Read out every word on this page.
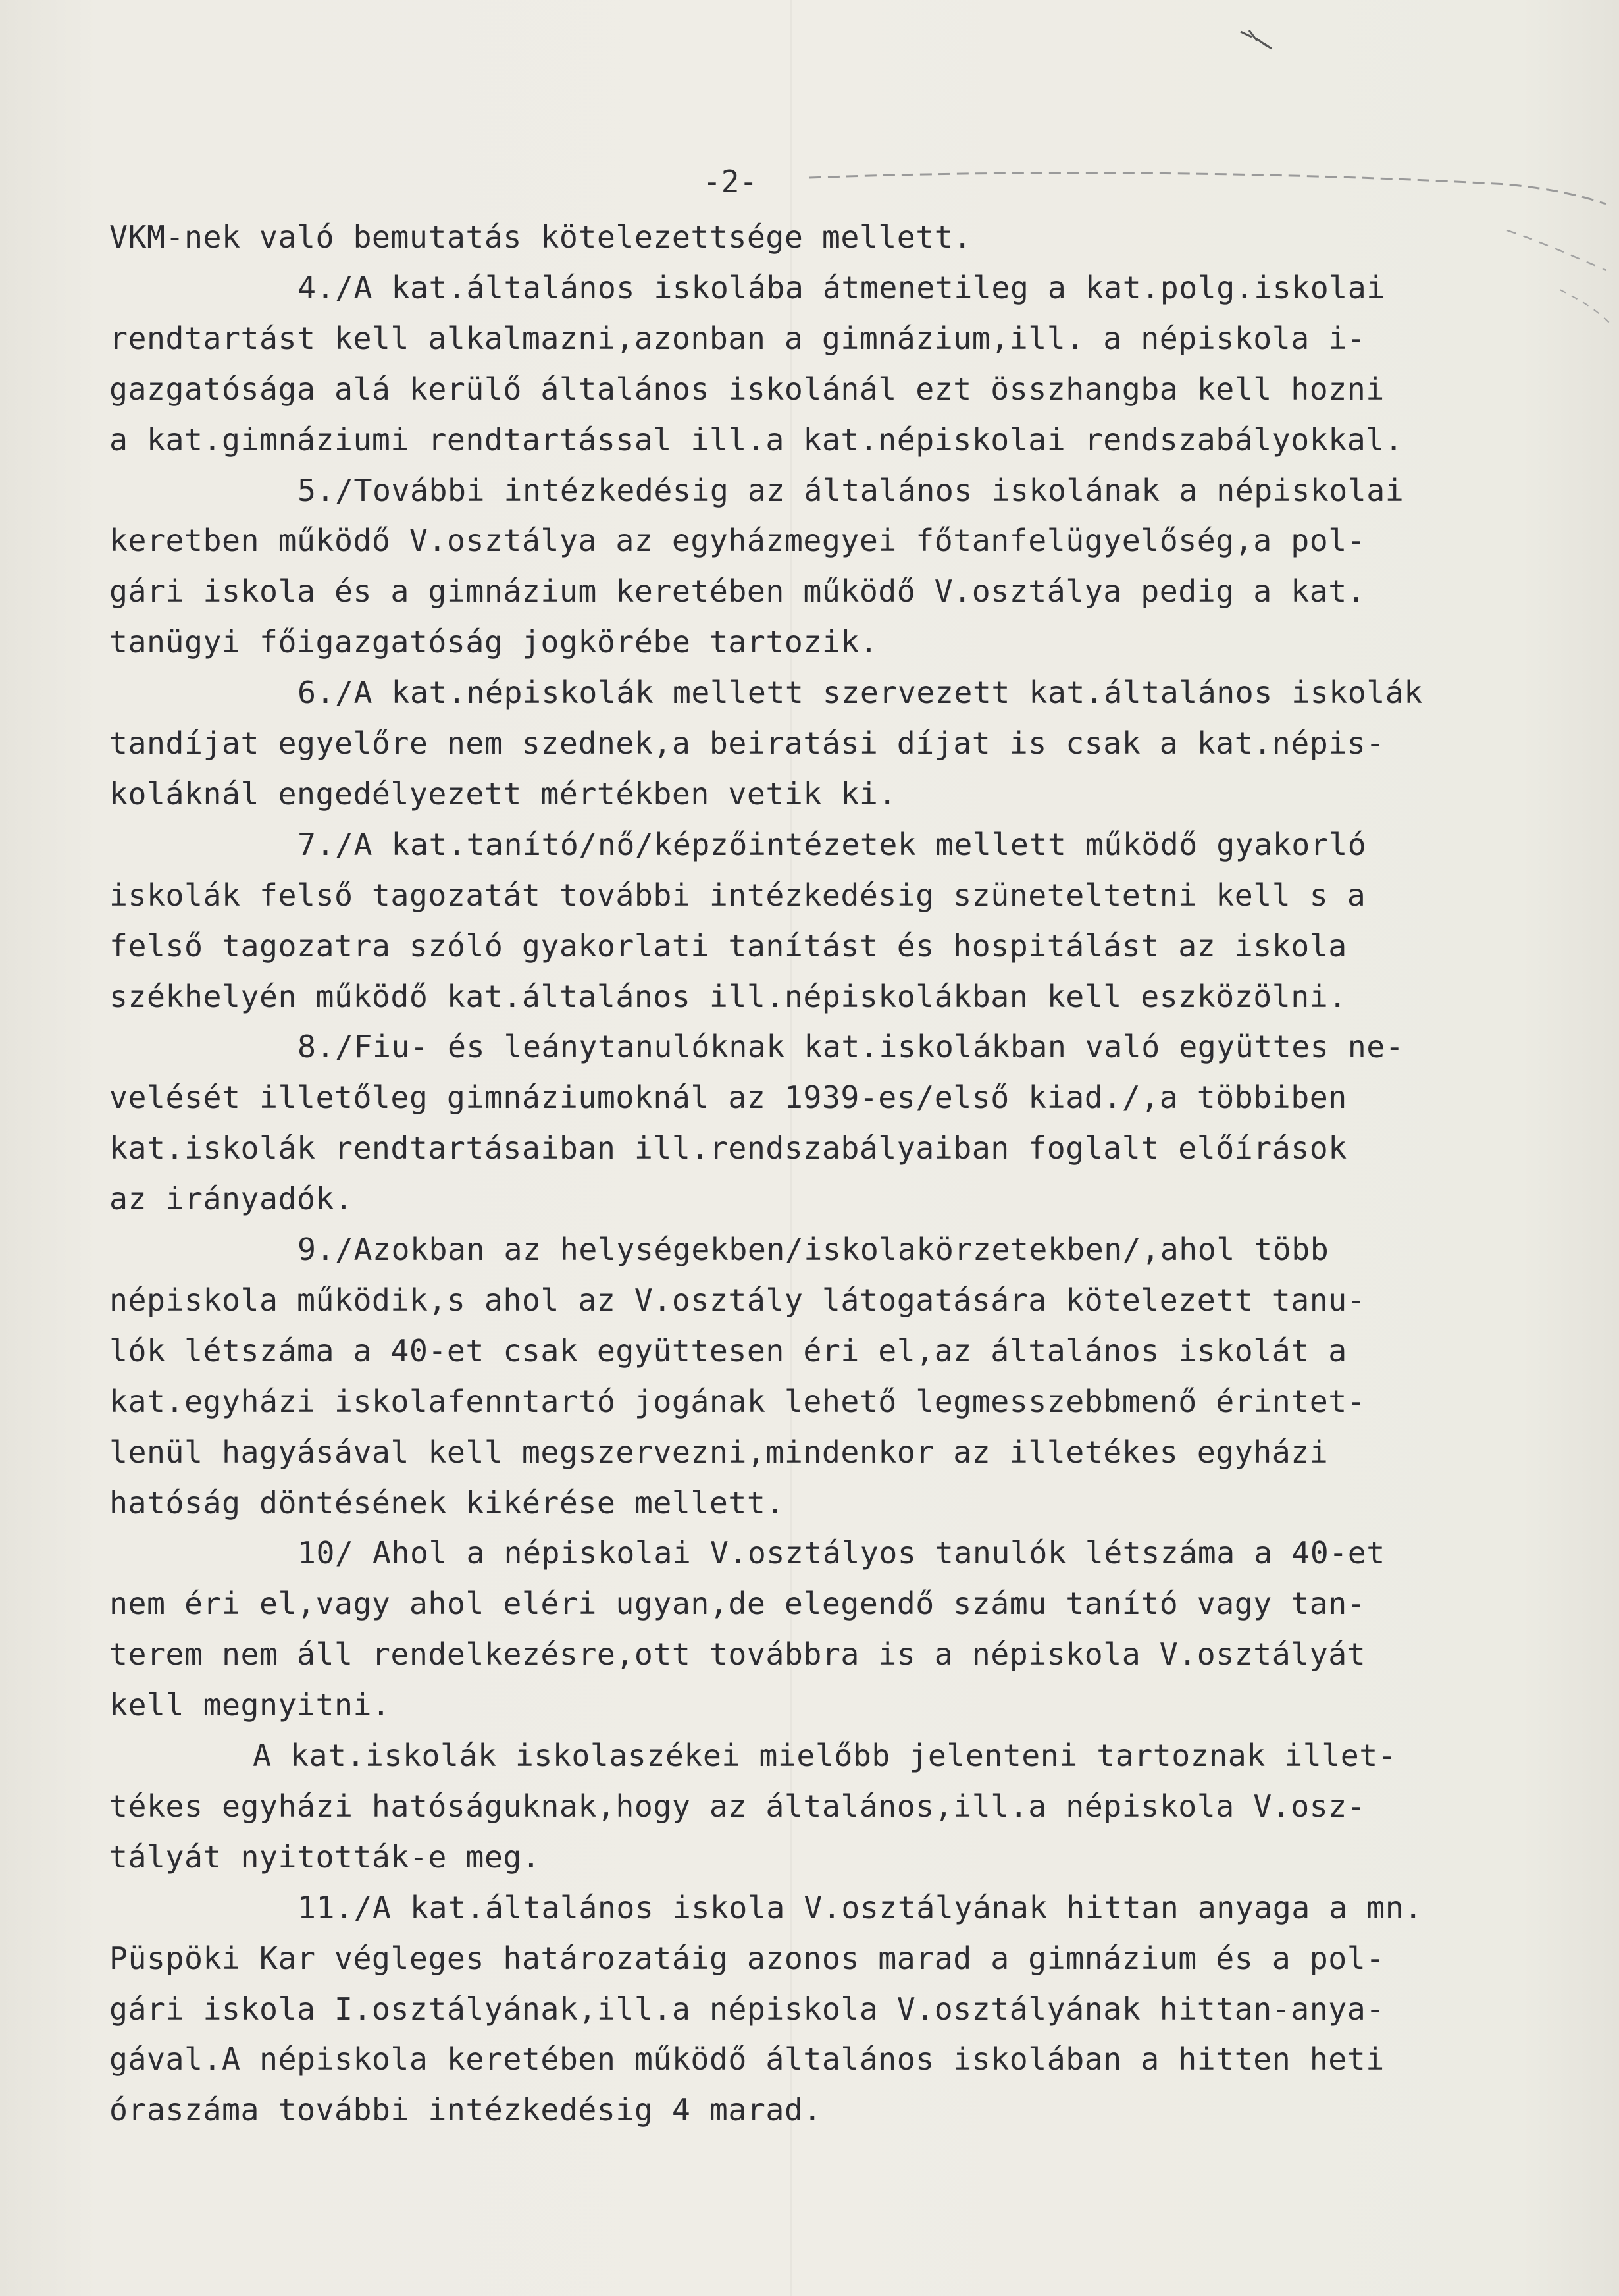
-2-
VKM-nek való bemutatás kötelezettsége mellett.
4./A kat.általános iskolába átmenetileg a kat.polg.iskolai
rendtartást kell alkalmazni,azonban a gimnázium,ill. a népiskola i-
gazgatósága alá kerülő általános iskolánál ezt összhangba kell hozni
a kat.gimnáziumi rendtartással ill.a kat.népiskolai rendszabályokkal.
5./További intézkedésig az általános iskolának a népiskolai
keretben működő V.osztálya az egyházmegyei főtanfelügyelőség,a pol-
gári iskola és a gimnázium keretében működő V.osztálya pedig a kat.
tanügyi főigazgatóság jogkörébe tartozik.
6./A kat.népiskolák mellett szervezett kat.általános iskolák
tandíjat egyelőre nem szednek,a beiratási díjat is csak a kat.népis-
koláknál engedélyezett mértékben vetik ki.
7./A kat.tanító/nő/képzőintézetek mellett működő gyakorló
iskolák felső tagozatát további intézkedésig szüneteltetni kell s a
felső tagozatra szóló gyakorlati tanítást és hospitálást az iskola
székhelyén működő kat.általános ill.népiskolákban kell eszközölni.
8./Fiu- és leánytanulóknak kat.iskolákban való együttes ne-
velését illetőleg gimnáziumoknál az 1939-es/első kiad./,a többiben
kat.iskolák rendtartásaiban ill.rendszabályaiban foglalt előírások
az irányadók.
9./Azokban az helységekben/iskolakörzetekben/,ahol több
népiskola működik,s ahol az V.osztály látogatására kötelezett tanu-
lók létszáma a 40-et csak együttesen éri el,az általános iskolát a
kat.egyházi iskolafenntartó jogának lehető legmesszebbmenő érintet-
lenül hagyásával kell megszervezni,mindenkor az illetékes egyházi
hatóság döntésének kikérése mellett.
10/ Ahol a népiskolai V.osztályos tanulók létszáma a 40-et
nem éri el,vagy ahol eléri ugyan,de elegendő számu tanító vagy tan-
terem nem áll rendelkezésre,ott továbbra is a népiskola V.osztályát
kell megnyitni.
A kat.iskolák iskolaszékei mielőbb jelenteni tartoznak illet-
tékes egyházi hatóságuknak,hogy az általános,ill.a népiskola V.osz-
tályát nyitották-e meg.
11./A kat.általános iskola V.osztályának hittan anyaga a mn.
Püspöki Kar végleges határozatáig azonos marad a gimnázium és a pol-
gári iskola I.osztályának,ill.a népiskola V.osztályának hittan-anya-
gával.A népiskola keretében működő általános iskolában a hitten heti
óraszáma további intézkedésig 4 marad.
